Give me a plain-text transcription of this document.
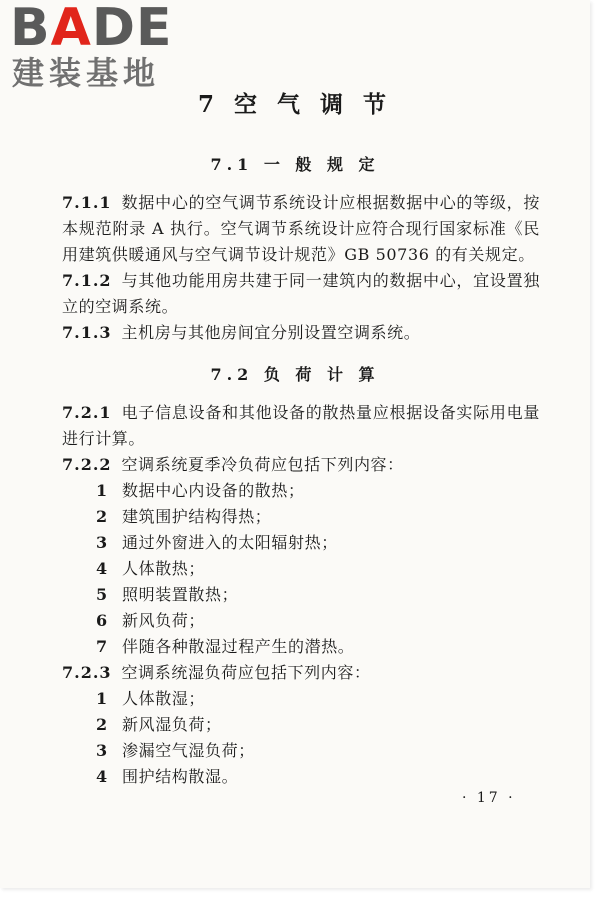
BADE
建装基地
7 空 气 调 节
7.1 一 般 规 定

7.1.1 数据中心的空气调节系统设计应根据数据中心的等级，按本规范附录 A 执行。空气调节系统设计应符合现行国家标准《民用建筑供暖通风与空气调节设计规范》GB 50736 的有关规定。

7.1.2 与其他功能用房共建于同一建筑内的数据中心，宜设置独立的空调系统。

7.1.3 主机房与其他房间宜分别设置空调系统。

7.2 负 荷 计 算

7.2.1 电子信息设备和其他设备的散热量应根据设备实际用电量进行计算。

7.2.2 空调系统夏季冷负荷应包括下列内容：

1 数据中心内设备的散热；

2 建筑围护结构得热；

3 通过外窗进入的太阳辐射热；

4 人体散热；

5 照明装置散热；

6 新风负荷；

7 伴随各种散湿过程产生的潜热。

7.2.3 空调系统湿负荷应包括下列内容：

1 人体散湿；

2 新风湿负荷；

3 渗漏空气湿负荷；

4 围护结构散湿。

· 17 ·
